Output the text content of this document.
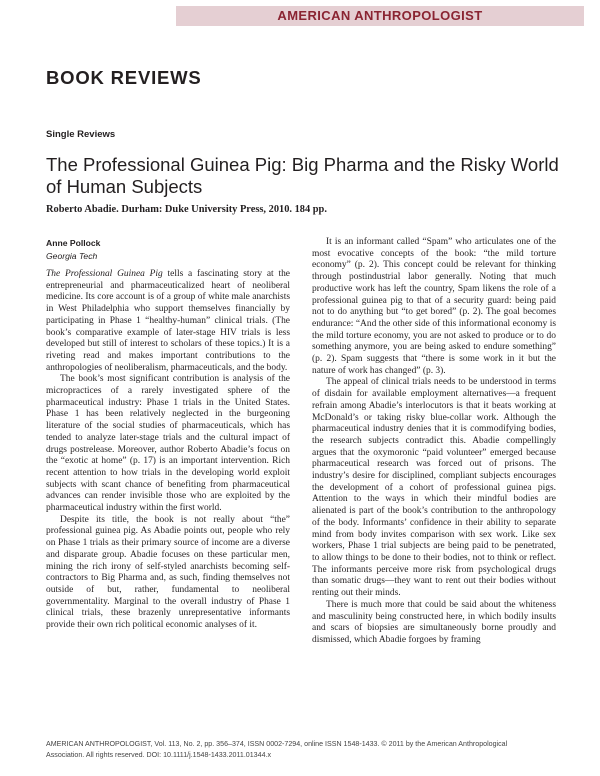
AMERICAN ANTHROPOLOGIST
BOOK REVIEWS
Single Reviews
The Professional Guinea Pig: Big Pharma and the Risky World of Human Subjects
Roberto Abadie. Durham: Duke University Press, 2010. 184 pp.
Anne Pollock
Georgia Tech

The Professional Guinea Pig tells a fascinating story at the entrepreneurial and pharmaceuticalized heart of neoliberal medicine. Its core account is of a group of white male anarchists in West Philadelphia who support themselves financially by participating in Phase 1 “healthy-human” clinical trials. (The book’s comparative example of later-stage HIV trials is less developed but still of interest to scholars of these topics.) It is a riveting read and makes important contributions to the anthropologies of neoliberalism, pharmaceuticals, and the body.

The book’s most significant contribution is analysis of the micropractices of a rarely investigated sphere of the pharmaceutical industry: Phase 1 trials in the United States. Phase 1 has been relatively neglected in the burgeoning literature of the social studies of pharmaceuticals, which has tended to analyze later-stage trials and the cultural impact of drugs postrelease. Moreover, author Roberto Abadie’s focus on the “exotic at home” (p. 17) is an important intervention. Rich recent attention to how trials in the developing world exploit subjects with scant chance of benefiting from pharmaceutical advances can render invisible those who are exploited by the pharmaceutical industry within the first world.

Despite its title, the book is not really about “the” professional guinea pig. As Abadie points out, people who rely on Phase 1 trials as their primary source of income are a diverse and disparate group. Abadie focuses on these particular men, mining the rich irony of self-styled anarchists becoming self-contractors to Big Pharma and, as such, finding themselves not outside of but, rather, fundamental to neoliberal governmentality. Marginal to the overall industry of Phase 1 clinical trials, these brazenly unrepresentative informants provide their own rich political economic analyses of it.

It is an informant called “Spam” who articulates one of the most evocative concepts of the book: “the mild torture economy” (p. 2). This concept could be relevant for thinking through postindustrial labor generally. Noting that much productive work has left the country, Spam likens the role of a professional guinea pig to that of a security guard: being paid not to do anything but “to get bored” (p. 2). The goal becomes endurance: “And the other side of this informational economy is the mild torture economy, you are not asked to produce or to do something anymore, you are being asked to endure something” (p. 2). Spam suggests that “there is some work in it but the nature of work has changed” (p. 3).

The appeal of clinical trials needs to be understood in terms of disdain for available employment alternatives—a frequent refrain among Abadie’s interlocutors is that it beats working at McDonald’s or taking risky blue-collar work. Although the pharmaceutical industry denies that it is commodifying bodies, the research subjects contradict this. Abadie compellingly argues that the oxymoronic “paid volunteer” emerged because pharmaceutical research was forced out of prisons. The industry’s desire for disciplined, compliant subjects encourages the development of a cohort of professional guinea pigs. Attention to the ways in which their mindful bodies are alienated is part of the book’s contribution to the anthropology of the body. Informants’ confidence in their ability to separate mind from body invites comparison with sex work. Like sex workers, Phase 1 trial subjects are being paid to be penetrated, to allow things to be done to their bodies, not to think or reflect. The informants perceive more risk from psychological drugs than somatic drugs—they want to rent out their bodies without renting out their minds.

There is much more that could be said about the whiteness and masculinity being constructed here, in which bodily insults and scars of biopsies are simultaneously borne proudly and dismissed, which Abadie forgoes by framing

AMERICAN ANTHROPOLOGIST, Vol. 113, No. 2, pp. 356–374, ISSN 0002-7294, online ISSN 1548-1433. © 2011 by the American Anthropological
Association. All rights reserved. DOI: 10.1111/j.1548-1433.2011.01344.x
